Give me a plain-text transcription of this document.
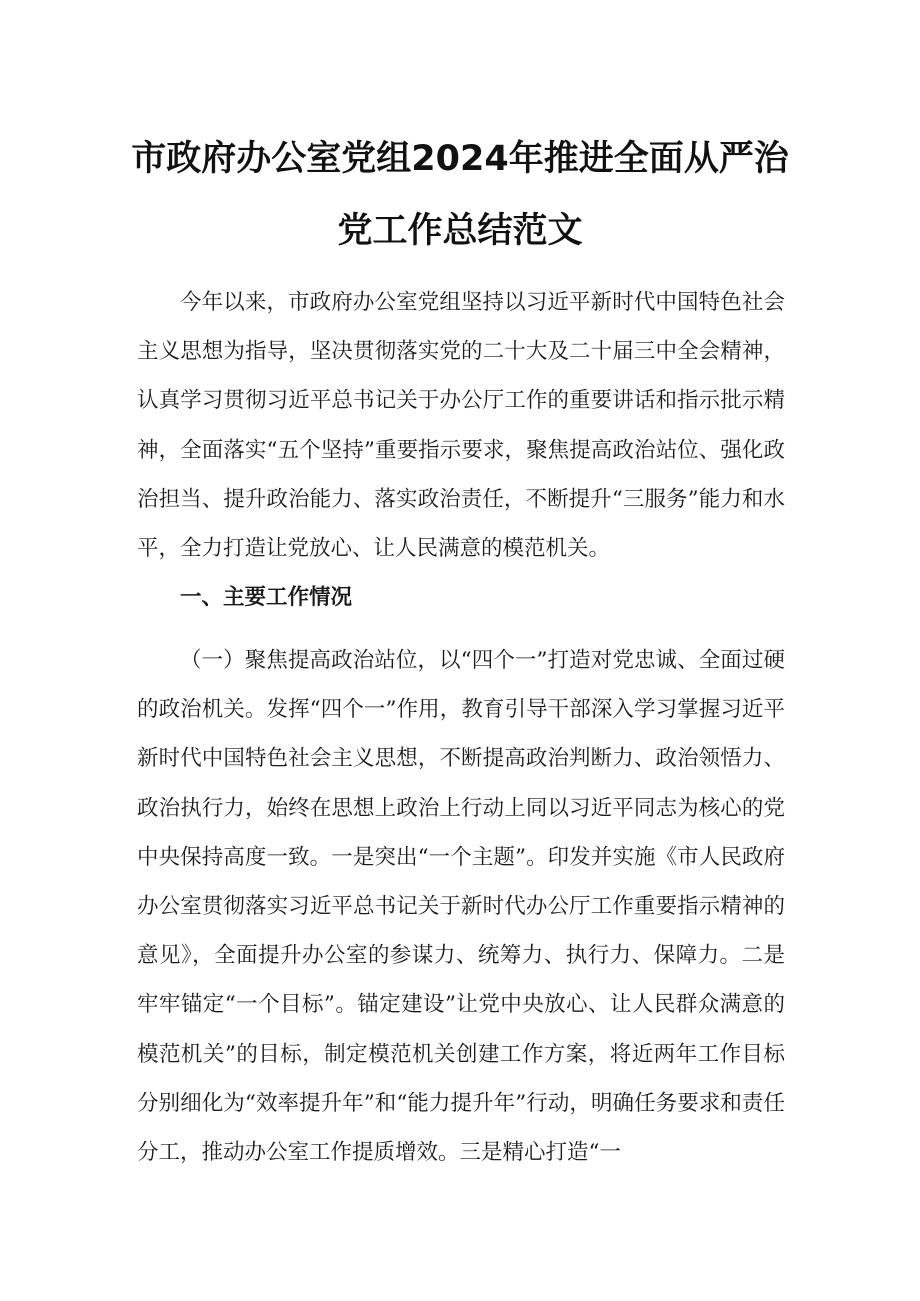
市政府办公室党组2024年推进全面从严治
党工作总结范文

今年以来，市政府办公室党组坚持以习近平新时代中国特色社会主义思想为指导，坚决贯彻落实党的二十大及二十届三中全会精神，认真学习贯彻习近平总书记关于办公厅工作的重要讲话和指示批示精神，全面落实“五个坚持”重要指示要求，聚焦提高政治站位、强化政治担当、提升政治能力、落实政治责任，不断提升“三服务”能力和水平，全力打造让党放心、让人民满意的模范机关。

一、主要工作情况

（一）聚焦提高政治站位，以“四个一”打造对党忠诚、全面过硬的政治机关。发挥“四个一”作用，教育引导干部深入学习掌握习近平新时代中国特色社会主义思想，不断提高政治判断力、政治领悟力、政治执行力，始终在思想上政治上行动上同以习近平同志为核心的党中央保持高度一致。一是突出“一个主题”。印发并实施《市人民政府办公室贯彻落实习近平总书记关于新时代办公厅工作重要指示精神的意见》，全面提升办公室的参谋力、统筹力、执行力、保障力。二是牢牢锚定“一个目标”。锚定建设”让党中央放心、让人民群众满意的模范机关”的目标，制定模范机关创建工作方案，将近两年工作目标分别细化为“效率提升年”和“能力提升年”行动，明确任务要求和责任分工，推动办公室工作提质增效。三是精心打造“一
